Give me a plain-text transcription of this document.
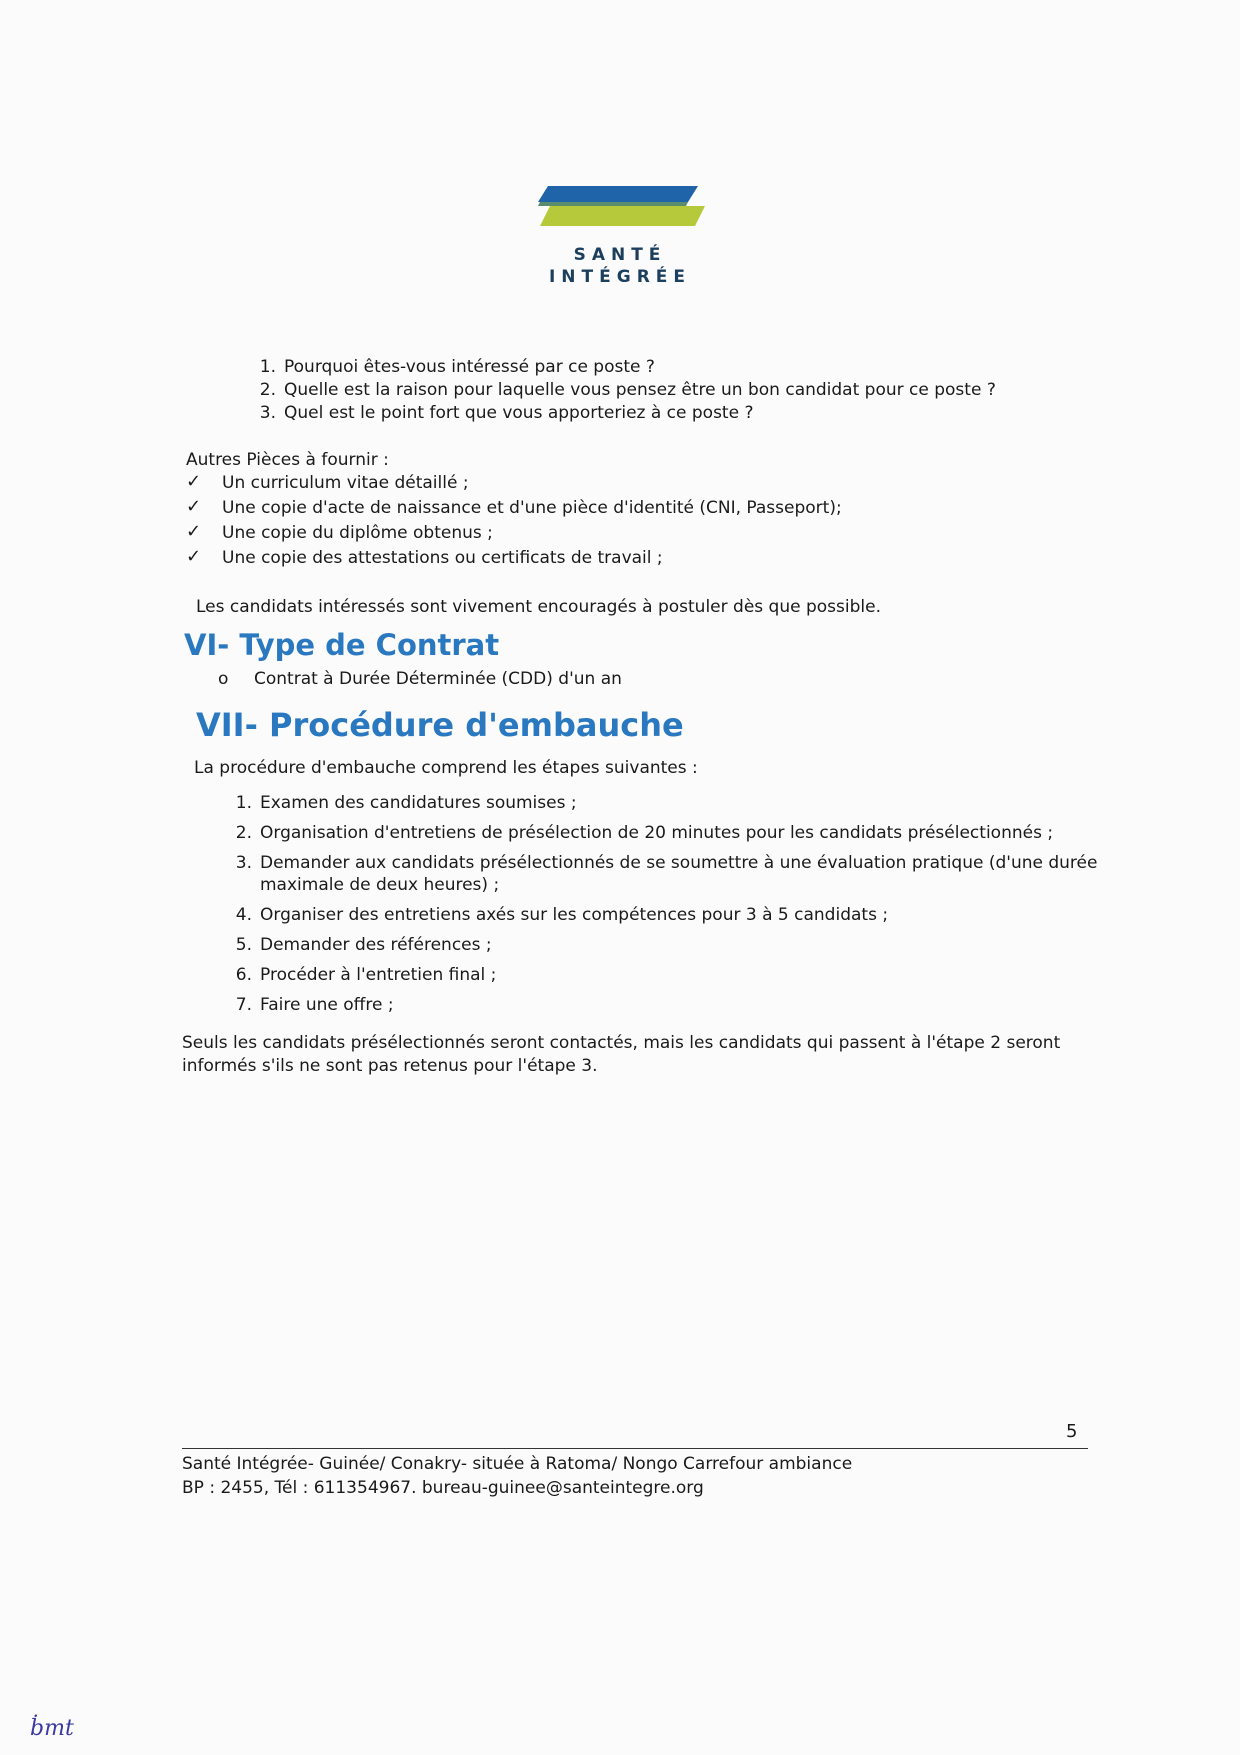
SANTÉ
INTÉGRÉE
1. Pourquoi êtes-vous intéressé par ce poste ?
2. Quelle est la raison pour laquelle vous pensez être un bon candidat pour ce poste ?
3. Quel est le point fort que vous apporteriez à ce poste ?
Autres Pièces à fournir :
✓ Un curriculum vitae détaillé ;
✓ Une copie d'acte de naissance et d'une pièce d'identité (CNI, Passeport);
✓ Une copie du diplôme obtenus ;
✓ Une copie des attestations ou certificats de travail ;
Les candidats intéressés sont vivement encouragés à postuler dès que possible.
VI- Type de Contrat
o Contrat à Durée Déterminée (CDD) d'un an
VII- Procédure d'embauche
La procédure d'embauche comprend les étapes suivantes :
1. Examen des candidatures soumises ;
2. Organisation d'entretiens de présélection de 20 minutes pour les candidats présélectionnés ;
3. Demander aux candidats présélectionnés de se soumettre à une évaluation pratique (d'une durée maximale de deux heures) ;
4. Organiser des entretiens axés sur les compétences pour 3 à 5 candidats ;
5. Demander des références ;
6. Procéder à l'entretien final ;
7. Faire une offre ;
Seuls les candidats présélectionnés seront contactés, mais les candidats qui passent à l'étape 2 seront informés s'ils ne sont pas retenus pour l'étape 3.
5
Santé Intégrée- Guinée/ Conakry- située à Ratoma/ Nongo Carrefour ambiance
BP : 2455, Tél : 611354967. bureau-guinee@santeintegre.org
ḃmt
